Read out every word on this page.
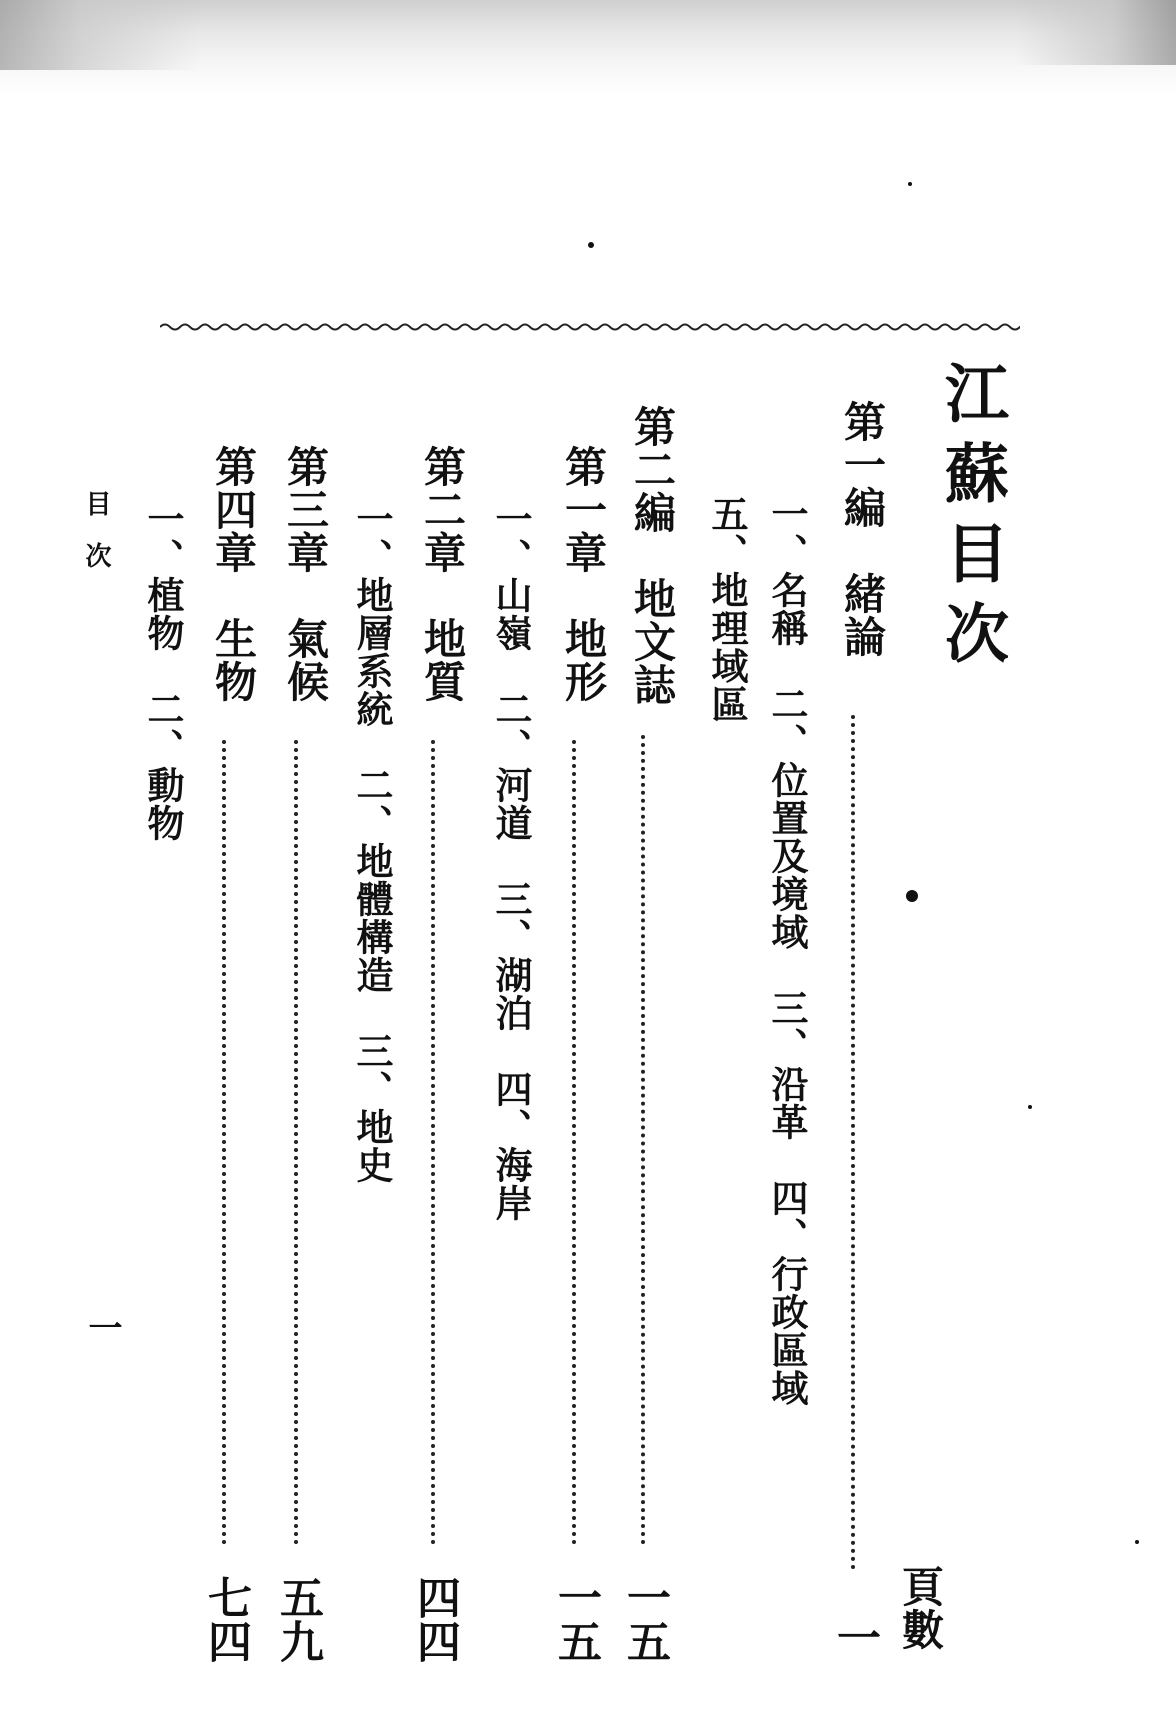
江蘇目次
頁數
第一編　緒論
一
一、名稱　二、位置及境域　三、沿革　四、行政區域
五、地理域區
第二編　地文誌
一五
第一章　地形
一五
一、山嶺　二、河道　三、湖泊　四、海岸
第二章　地質
四四
一、地層系統　二、地體構造　三、地史
第三章　氣候
五九
第四章　生物
七四
一、植物　二、動物
目　次
一
